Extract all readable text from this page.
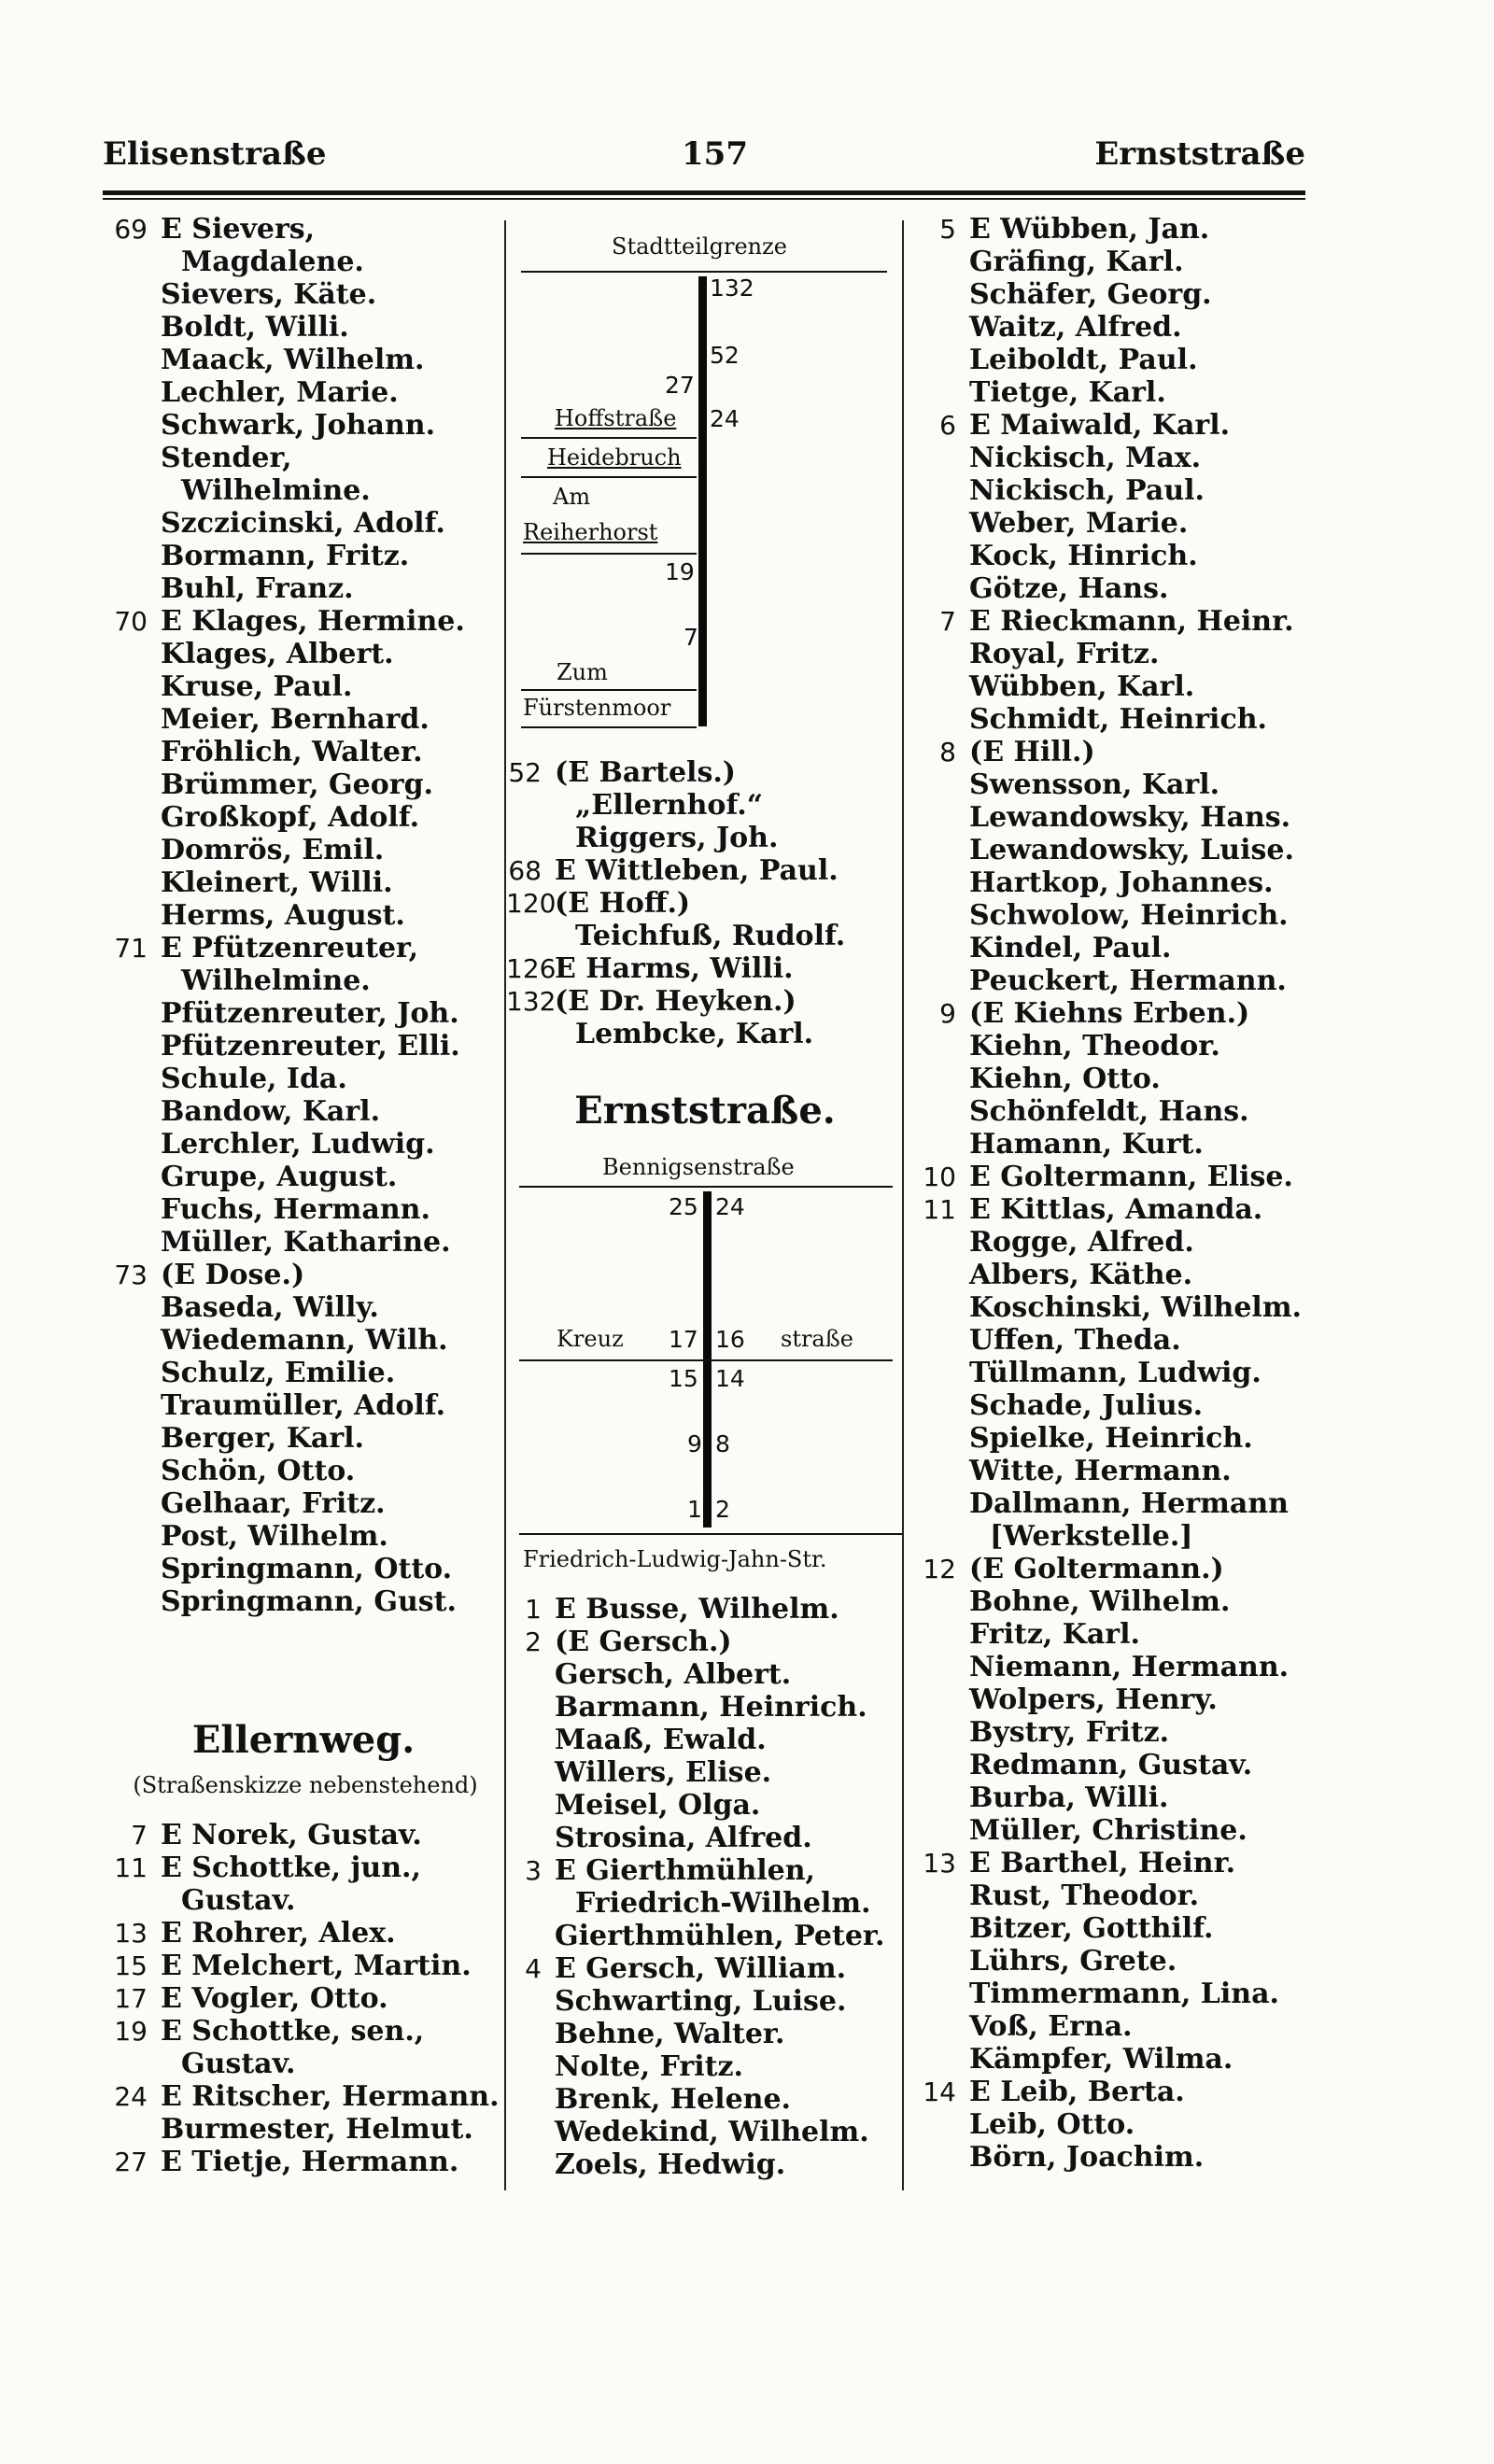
Elisenstraße	157	Ernststraße
69 E Sievers,
Magdalene.
Sievers, Käte.
Boldt, Willi.
Maack, Wilhelm.
Lechler, Marie.
Schwark, Johann.
Stender,
Wilhelmine.
Szczicinski, Adolf.
Bormann, Fritz.
Buhl, Franz.
70 E Klages, Hermine.
Klages, Albert.
Kruse, Paul.
Meier, Bernhard.
Fröhlich, Walter.
Brümmer, Georg.
Großkopf, Adolf.
Domrös, Emil.
Kleinert, Willi.
Herms, August.
71 E Pfützenreuter,
Wilhelmine.
Pfützenreuter, Joh.
Pfützenreuter, Elli.
Schule, Ida.
Bandow, Karl.
Lerchler, Ludwig.
Grupe, August.
Fuchs, Hermann.
Müller, Katharine.
73 (E Dose.)
Baseda, Willy.
Wiedemann, Wilh.
Schulz, Emilie.
Traumüller, Adolf.
Berger, Karl.
Schön, Otto.
Gelhaar, Fritz.
Post, Wilhelm.
Springmann, Otto.
Springmann, Gust.
Ellernweg.
(Straßenskizze nebenstehend)
7 E Norek, Gustav.
11 E Schottke, jun.,
Gustav.
13 E Rohrer, Alex.
15 E Melchert, Martin.
17 E Vogler, Otto.
19 E Schottke, sen.,
Gustav.
24 E Ritscher, Hermann.
Burmester, Helmut.
27 E Tietje, Hermann.
Stadtteilgrenze
132
52
27
24
Hoffstraße
Heidebruch
Am
Reiherhorst
19
7
Zum
Fürstenmoor
52 (E Bartels.)
„Ellernhof.“
Riggers, Joh.
68 E Wittleben, Paul.
120
(E Hoff.)
Teichfuß, Rudolf.
126
E Harms, Willi.
132
(E Dr. Heyken.)
Lembcke, Karl.
Ernststraße.
Bennigsenstraße
25 24
Kreuz 17 16 straße
15 14
9 8
1 2
Friedrich-Ludwig-Jahn-Str.
1 E Busse, Wilhelm.
2 (E Gersch.)
Gersch, Albert.
Barmann, Heinrich.
Maaß, Ewald.
Willers, Elise.
Meisel, Olga.
Strosina, Alfred.
3 E Gierthmühlen,
Friedrich-Wilhelm.
Gierthmühlen, Peter.
4 E Gersch, William.
Schwarting, Luise.
Behne, Walter.
Nolte, Fritz.
Brenk, Helene.
Wedekind, Wilhelm.
Zoels, Hedwig.
5 E Wübben, Jan.
Gräfing, Karl.
Schäfer, Georg.
Waitz, Alfred.
Leiboldt, Paul.
Tietge, Karl.
6 E Maiwald, Karl.
Nickisch, Max.
Nickisch, Paul.
Weber, Marie.
Kock, Hinrich.
Götze, Hans.
7 E Rieckmann, Heinr.
Royal, Fritz.
Wübben, Karl.
Schmidt, Heinrich.
8 (E Hill.)
Swensson, Karl.
Lewandowsky, Hans.
Lewandowsky, Luise.
Hartkop, Johannes.
Schwolow, Heinrich.
Kindel, Paul.
Peuckert, Hermann.
9 (E Kiehns Erben.)
Kiehn, Theodor.
Kiehn, Otto.
Schönfeldt, Hans.
Hamann, Kurt.
10 E Goltermann, Elise.
11 E Kittlas, Amanda.
Rogge, Alfred.
Albers, Käthe.
Koschinski, Wilhelm.
Uffen, Theda.
Tüllmann, Ludwig.
Schade, Julius.
Spielke, Heinrich.
Witte, Hermann.
Dallmann, Hermann
[Werkstelle.]
12 (E Goltermann.)
Bohne, Wilhelm.
Fritz, Karl.
Niemann, Hermann.
Wolpers, Henry.
Bystry, Fritz.
Redmann, Gustav.
Burba, Willi.
Müller, Christine.
13 E Barthel, Heinr.
Rust, Theodor.
Bitzer, Gotthilf.
Lührs, Grete.
Timmermann, Lina.
Voß, Erna.
Kämpfer, Wilma.
14 E Leib, Berta.
Leib, Otto.
Börn, Joachim.
